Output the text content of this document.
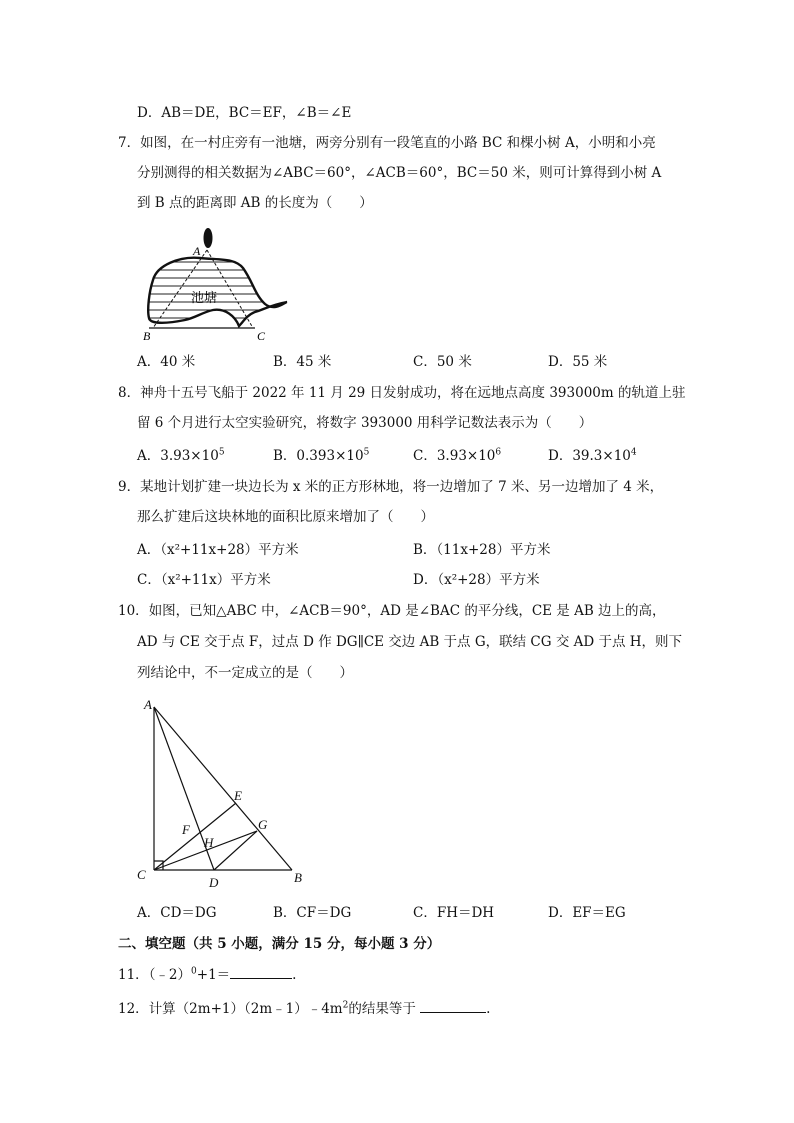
D．AB＝DE，BC＝EF，∠B＝∠E
7．如图，在一村庄旁有一池塘，两旁分别有一段笔直的小路 BC 和棵小树 A，小明和小亮
分别测得的相关数据为∠ABC＝60°，∠ACB＝60°，BC＝50 米，则可计算得到小树 A
到 B 点的距离即 AB 的长度为（　　）
A
B	C
池塘
A．40 米	B．45 米	C．50 米	D．55 米
8．神舟十五号飞船于 2022 年 11 月 29 日发射成功，将在远地点高度 393000m 的轨道上驻
留 6 个月进行太空实验研究，将数字 393000 用科学记数法表示为（　　）
A．$3.93\times 10^5$	B．$0.393\times 10^5$	C．$3.93\times 10^6$	D．$39.3\times 10^4$
9．某地计划扩建一块边长为 x 米的正方形林地，将一边增加了 7 米、另一边增加了 4 米，
那么扩建后这块林地的面积比原来增加了（　　）
A．（x²+11x+28）平方米	B．（11x+28）平方米
C．（x²+11x）平方米	D．（x²+28）平方米
10．如图，已知△ABC 中，∠ACB＝90°，AD 是∠BAC 的平分线，CE 是 AB 边上的高，
AD 与 CE 交于点 F，过点 D 作 DG∥CE 交边 AB 于点 G，联结 CG 交 AD 于点 H，则下
列结论中，不一定成立的是（　　）
A
C	B
E
G
D
F
H
A．CD＝DG	B．CF＝DG	C．FH＝DH	D．EF＝EG
二、填空题（共 5 小题，满分 15 分，每小题 3 分）
11．（﹣2）$^0$+1＝	.
12．计算$(2m+1)(2m﹣1)﹣4m^2$的结果等于	.
